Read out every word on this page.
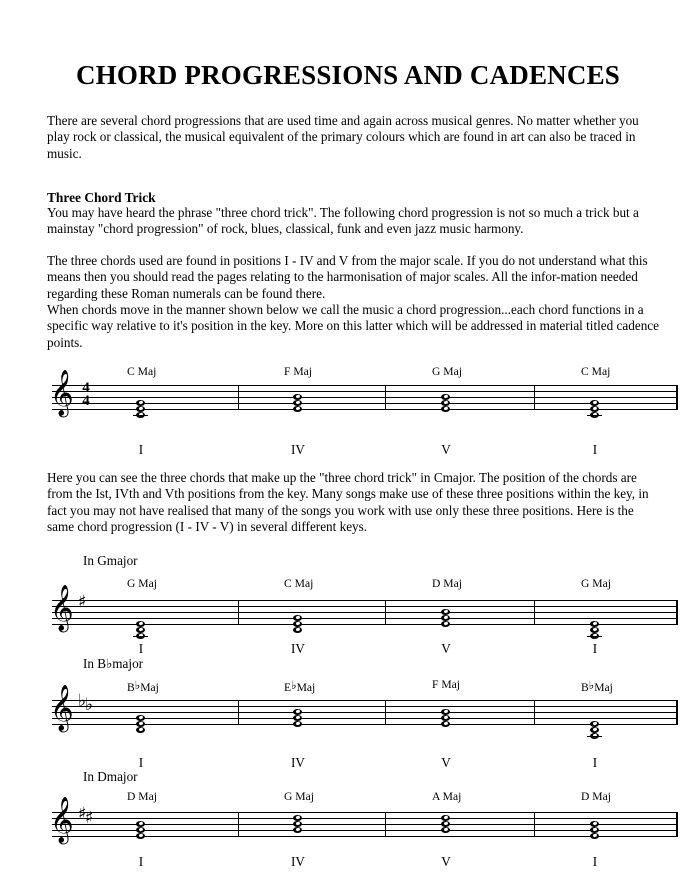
CHORD PROGRESSIONS AND CADENCES
There are several chord progressions that are used time and again across musical genres. No matter whether you play rock or classical, the musical equivalent of the primary colours which are found in art can also be traced in music.
Three Chord Trick
You may have heard the phrase "three chord trick". The following chord progression is not so much a trick but a mainstay "chord progression" of rock, blues, classical, funk and even jazz music harmony.
The three chords used are found in positions I - IV and V from the major scale. If you do not understand what this means then you should read the pages relating to the harmonisation of major scales. All the infor-mation needed regarding these Roman numerals can be found there.
When chords move in the manner shown below we call the music a chord progression...each chord functions in a specific way relative to it's position in the key. More on this latter which will be addressed in material titled cadence points.
Here you can see the three chords that make up the "three chord trick" in Cmajor. The position of the chords are from the Ist, IVth and Vth positions from the key. Many songs make use of these three positions within the key, in fact you may not have realised that many of the songs you work with use only these three positions. Here is the same chord progression (I - IV - V) in several different keys.
𝄞 4
4
C Maj	F Maj	G Maj	C Maj
I	IV	V	I
In Gmajor
𝄞 ♯
G Maj	C Maj	D Maj	G Maj
I	IV	V	I
In B♭major
𝄞 ♭
♭
B♭Maj	E♭Maj	F Maj	B♭Maj
I	IV	V	I
In Dmajor
𝄞 ♯
♯
D Maj	G Maj	A Maj	D Maj
I	IV	V	I
